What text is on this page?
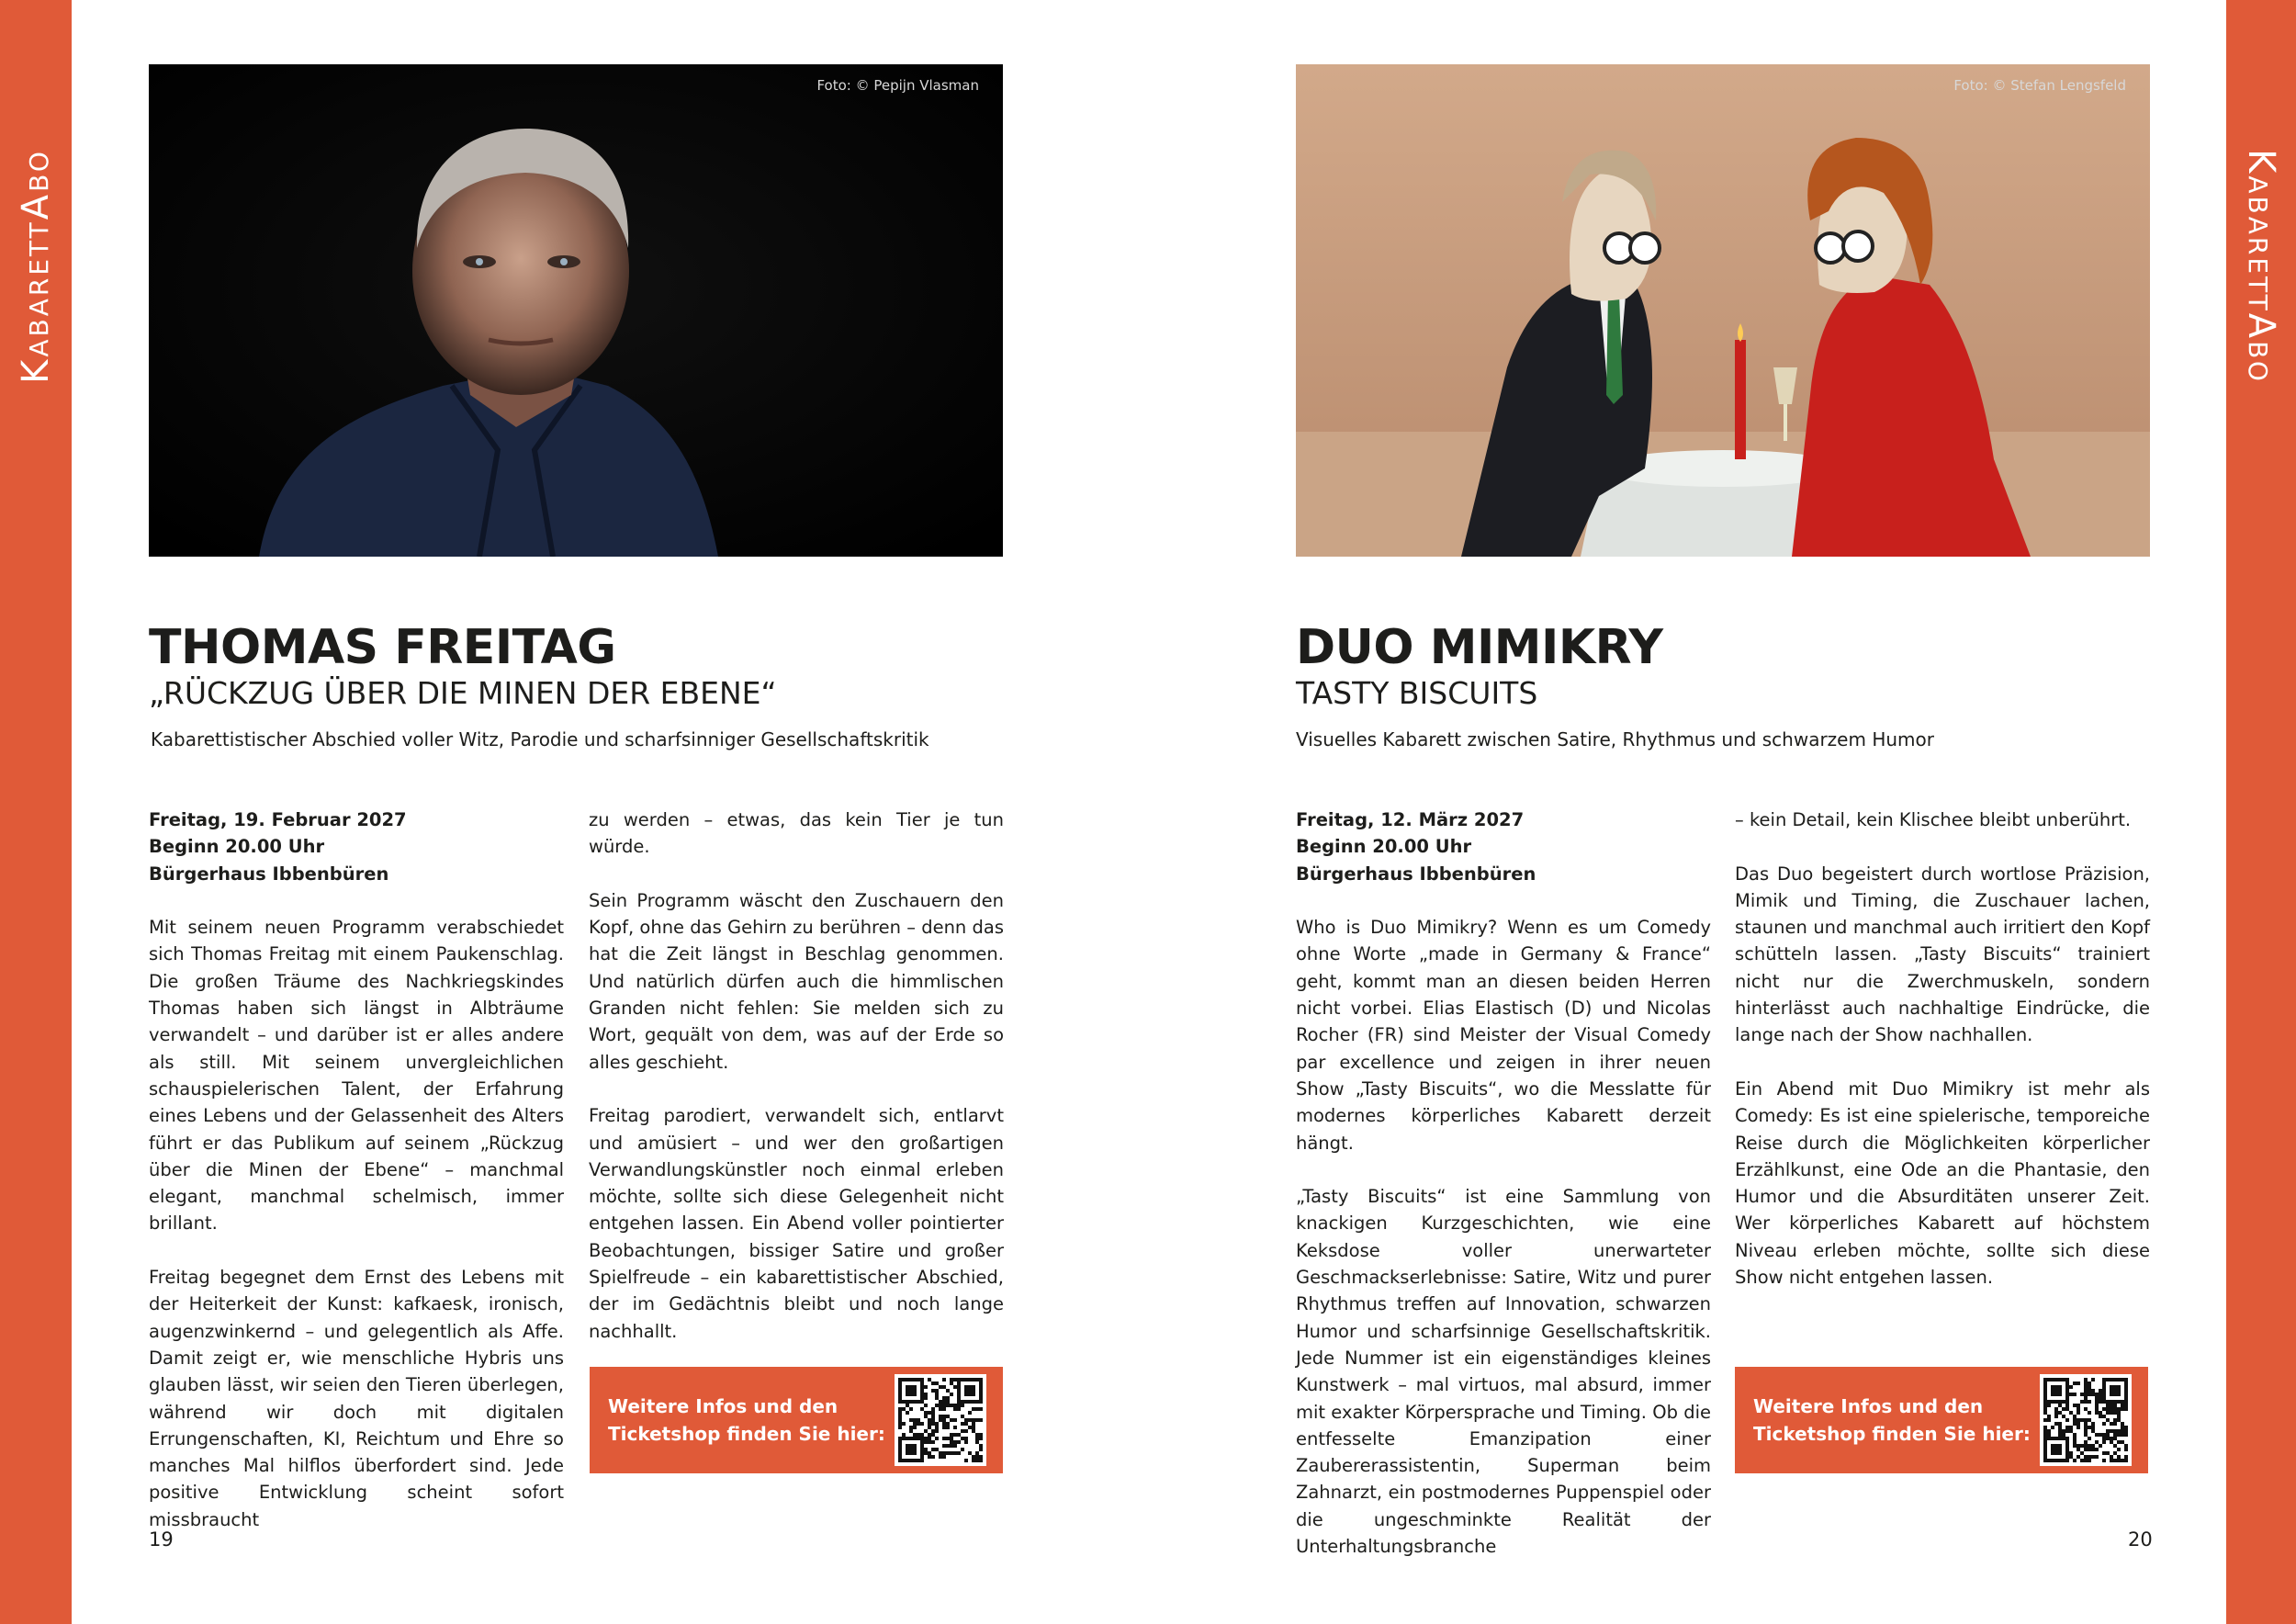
KabarettAbo	KabarettAbo
Foto: © Pepijn Vlasman
THOMAS FREITAG
„RÜCKZUG ÜBER DIE MINEN DER EBENE“
Kabarettistischer Abschied voller Witz, Parodie und scharfsinniger Gesellschaftskritik
Freitag, 19. Februar 2027
Beginn 20.00 Uhr
Bürgerhaus Ibbenbüren

Mit seinem neuen Programm verabschiedet sich Thomas Freitag mit einem Paukenschlag. Die großen Träume des Nachkriegskindes Thomas haben sich längst in Albträume verwandelt – und darüber ist er alles andere als still. Mit seinem unvergleichlichen schauspielerischen Talent, der Erfahrung eines Lebens und der Gelassenheit des Alters führt er das Publikum auf seinem „Rückzug über die Minen der Ebene“ – manchmal elegant, manchmal schelmisch, immer brillant.

Freitag begegnet dem Ernst des Lebens mit der Heiterkeit der Kunst: kafkaesk, ironisch, augenzwinkernd – und gelegentlich als Affe. Damit zeigt er, wie menschliche Hybris uns glauben lässt, wir seien den Tieren überlegen, während wir doch mit digitalen Errungenschaften, KI, Reichtum und Ehre so manches Mal hilflos überfordert sind. Jede positive Entwicklung scheint sofort missbraucht

zu werden – etwas, das kein Tier je tun würde.

Sein Programm wäscht den Zuschauern den Kopf, ohne das Gehirn zu berühren – denn das hat die Zeit längst in Beschlag genommen. Und natürlich dürfen auch die himmlischen Granden nicht fehlen: Sie melden sich zu Wort, gequält von dem, was auf der Erde so alles geschieht.

Freitag parodiert, verwandelt sich, entlarvt und amüsiert – und wer den großartigen Verwandlungskünstler noch einmal erleben möchte, sollte sich diese Gelegenheit nicht entgehen lassen. Ein Abend voller pointierter Beobachtungen, bissiger Satire und großer Spielfreude – ein kabarettistischer Abschied, der im Gedächtnis bleibt und noch lange nachhallt.

Weitere Infos und den
Ticketshop finden Sie hier:
19
Foto: © Stefan Lengsfeld
DUO MIMIKRY
TASTY BISCUITS
Visuelles Kabarett zwischen Satire, Rhythmus und schwarzem Humor
Freitag, 12. März 2027
Beginn 20.00 Uhr
Bürgerhaus Ibbenbüren

Who is Duo Mimikry? Wenn es um Comedy ohne Worte „made in Germany & France“ geht, kommt man an diesen beiden Herren nicht vorbei. Elias Elastisch (D) und Nicolas Rocher (FR) sind Meister der Visual Comedy par excellence und zeigen in ihrer neuen Show „Tasty Biscuits“, wo die Messlatte für modernes körperliches Kabarett derzeit hängt.

„Tasty Biscuits“ ist eine Sammlung von knackigen Kurzgeschichten, wie eine Keksdose voller unerwarteter Geschmackserlebnisse: Satire, Witz und purer Rhythmus treffen auf Innovation, schwarzen Humor und scharfsinnige Gesellschaftskritik. Jede Nummer ist ein eigenständiges kleines Kunstwerk – mal virtuos, mal absurd, immer mit exakter Körpersprache und Timing. Ob die entfesselte Emanzipation einer Zaubererassistentin, Superman beim Zahnarzt, ein postmodernes Puppenspiel oder die ungeschminkte Realität der Unterhaltungsbranche

– kein Detail, kein Klischee bleibt unberührt.

Das Duo begeistert durch wortlose Präzision, Mimik und Timing, die Zuschauer lachen, staunen und manchmal auch irritiert den Kopf schütteln lassen. „Tasty Biscuits“ trainiert nicht nur die Zwerchmuskeln, sondern hinterlässt auch nachhaltige Eindrücke, die lange nach der Show nachhallen.

Ein Abend mit Duo Mimikry ist mehr als Comedy: Es ist eine spielerische, temporeiche Reise durch die Möglichkeiten körperlicher Erzählkunst, eine Ode an die Phantasie, den Humor und die Absurditäten unserer Zeit. Wer körperliches Kabarett auf höchstem Niveau erleben möchte, sollte sich diese Show nicht entgehen lassen.

Weitere Infos und den
Ticketshop finden Sie hier:
20
